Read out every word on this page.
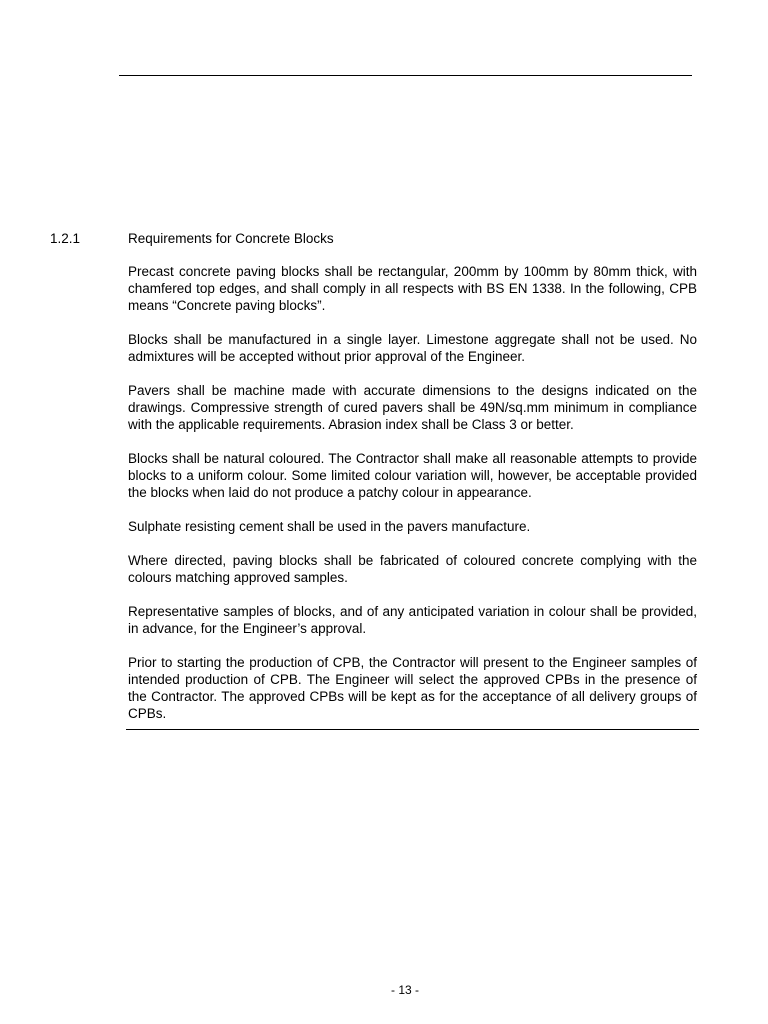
1.2.1	Requirements for Concrete Blocks

Precast concrete paving blocks shall be rectangular, 200mm by 100mm by 80mm thick, with chamfered top edges, and shall comply in all respects with BS EN 1338. In the following, CPB means “Concrete paving blocks”.

Blocks shall be manufactured in a single layer. Limestone aggregate shall not be used. No admixtures will be accepted without prior approval of the Engineer.

Pavers shall be machine made with accurate dimensions to the designs indicated on the drawings. Compressive strength of cured pavers shall be 49N/sq.mm minimum in compliance with the applicable requirements. Abrasion index shall be Class 3 or better.

Blocks shall be natural coloured. The Contractor shall make all reasonable attempts to provide blocks to a uniform colour. Some limited colour variation will, however, be acceptable provided the blocks when laid do not produce a patchy colour in appearance.

Sulphate resisting cement shall be used in the pavers manufacture.

Where directed, paving blocks shall be fabricated of coloured concrete complying with the colours matching approved samples.

Representative samples of blocks, and of any anticipated variation in colour shall be provided, in advance, for the Engineer’s approval.

Prior to starting the production of CPB, the Contractor will present to the Engineer samples of intended production of CPB. The Engineer will select the approved CPBs in the presence of the Contractor. The approved CPBs will be kept as for the acceptance of all delivery groups of CPBs.

- 13 -
